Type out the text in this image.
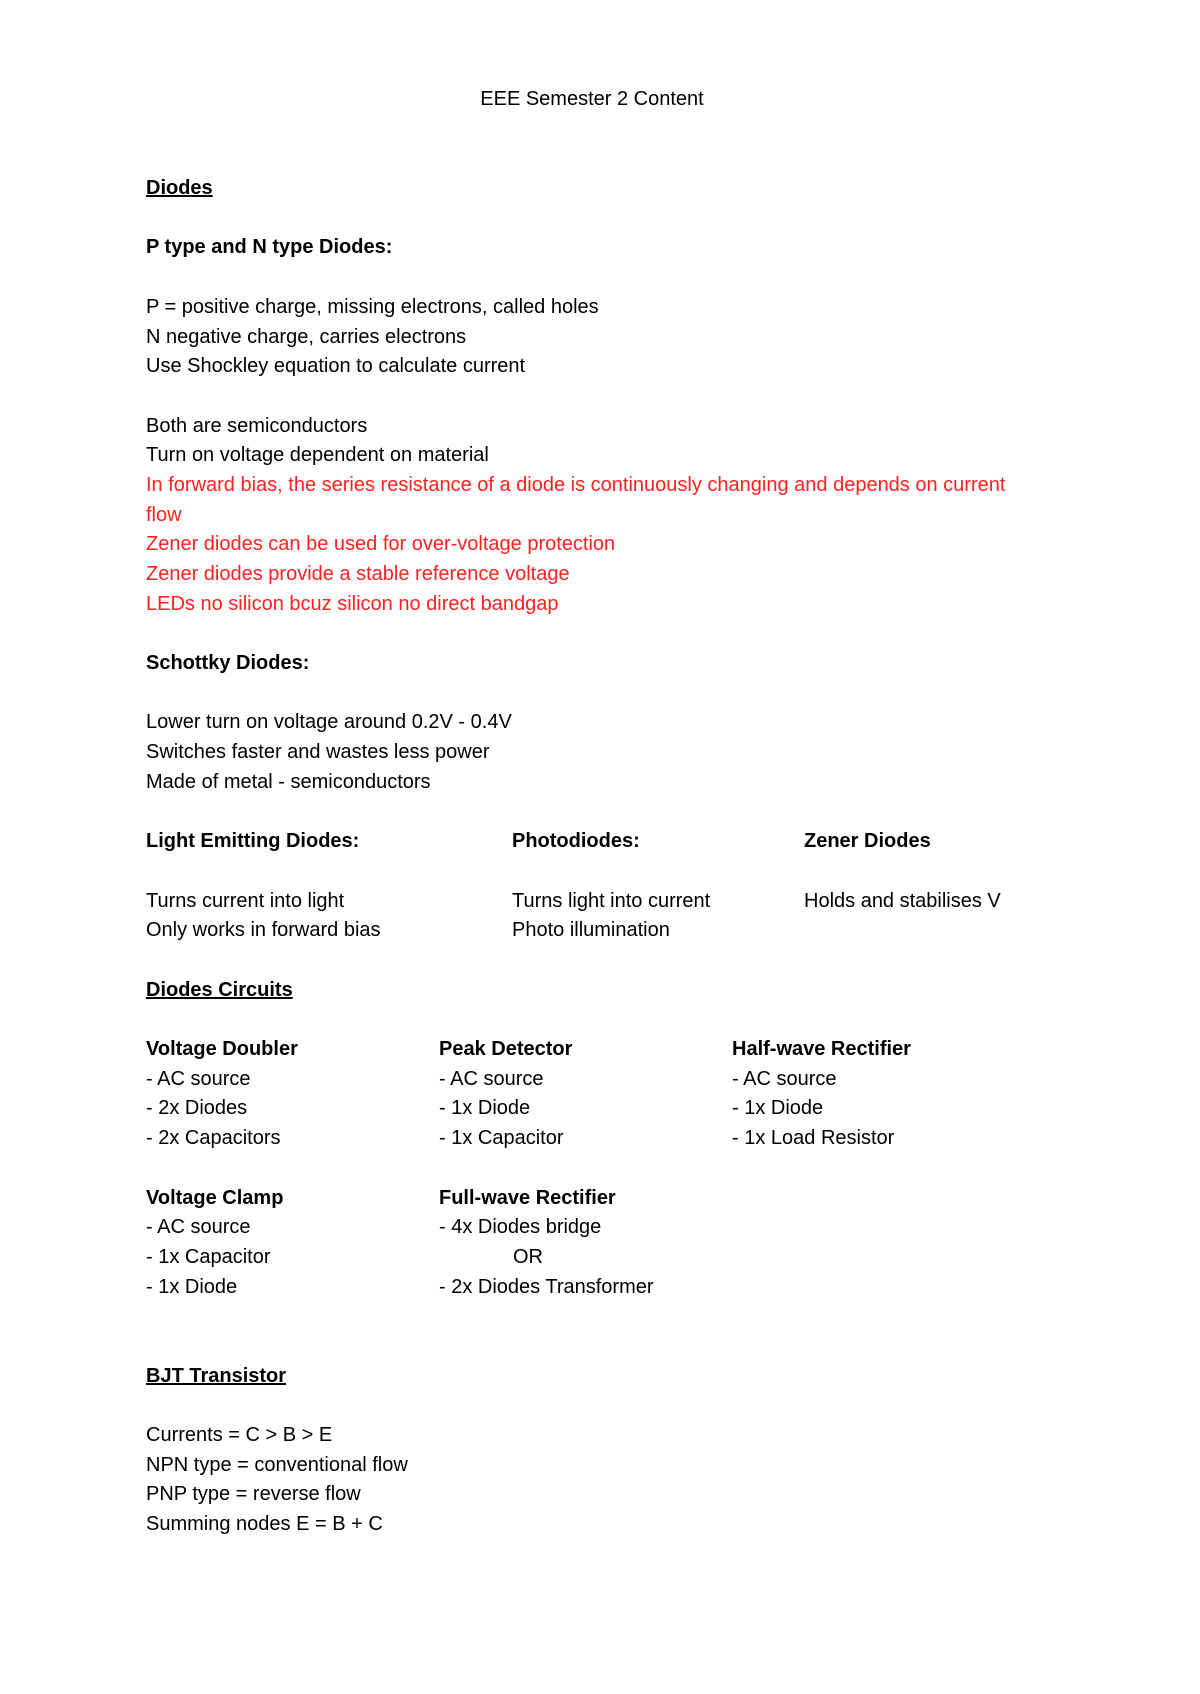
EEE Semester 2 Content
Diodes
P type and N type Diodes:
P = positive charge, missing electrons, called holes
N negative charge, carries electrons
Use Shockley equation to calculate current
Both are semiconductors
Turn on voltage dependent on material
In forward bias, the series resistance of a diode is continuously changing and depends on current flow
Zener diodes can be used for over-voltage protection
Zener diodes provide a stable reference voltage
LEDs no silicon bcuz silicon no direct bandgap
Schottky Diodes:
Lower turn on voltage around 0.2V - 0.4V
Switches faster and wastes less power
Made of metal - semiconductors
Light Emitting Diodes:
Turns current into light
Only works in forward bias
Photodiodes:
Turns light into current
Photo illumination
Zener Diodes
Holds and stabilises V
Diodes Circuits
Voltage Doubler
- AC source
- 2x Diodes
- 2x Capacitors
Peak Detector
- AC source
- 1x Diode
- 1x Capacitor
Half-wave Rectifier
- AC source
- 1x Diode
- 1x Load Resistor
Voltage Clamp
- AC source
- 1x Capacitor
- 1x Diode
Full-wave Rectifier
- 4x Diodes bridge
OR
- 2x Diodes Transformer
BJT Transistor
Currents = C > B > E
NPN type = conventional flow
PNP type = reverse flow
Summing nodes E = B + C
